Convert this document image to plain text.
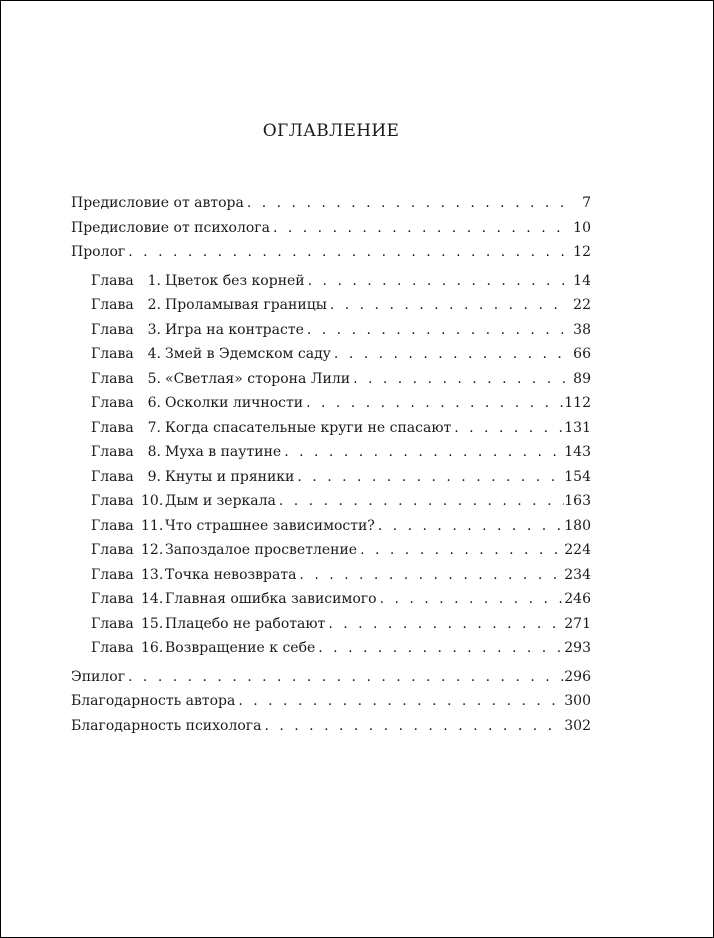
ОГЛАВЛЕНИЕ
Предисловие от автора . . .	7
Предисловие от психолога . . .	10
Пролог . . .	12
Глава 1. Цветок без корней . . .	14
Глава 2. Проламывая границы . . .	22
Глава 3. Игра на контрасте . . .	38
Глава 4. Змей в Эдемском саду . . .	66
Глава 5. «Светлая» сторона Лили . . .	89
Глава 6. Осколки личности . . .	112
Глава 7. Когда спасательные круги не спасают . . .	131
Глава 8. Муха в паутине . . .	143
Глава 9. Кнуты и пряники . . .	154
Глава 10. Дым и зеркала . . .	163
Глава 11. Что страшнее зависимости? . . .	180
Глава 12. Запоздалое просветление . . .	224
Глава 13. Точка невозврата . . .	234
Глава 14. Главная ошибка зависимого . . .	246
Глава 15. Плацебо не работают . . .	271
Глава 16. Возвращение к себе . . .	293
Эпилог . . .	296
Благодарность автора . . .	300
Благодарность психолога . . .	302
